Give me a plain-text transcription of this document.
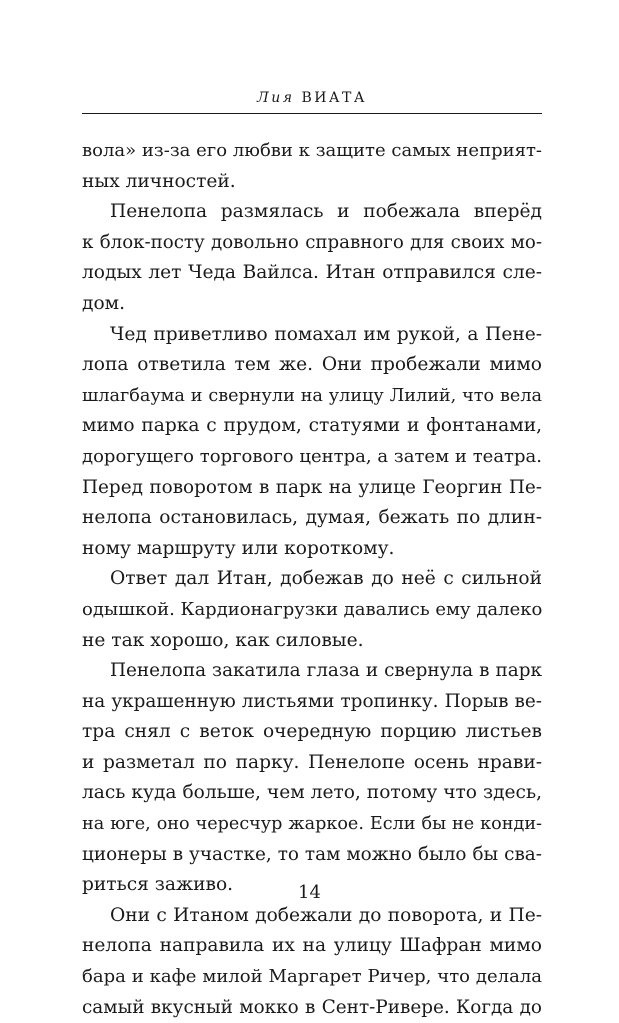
Лия ВИАТА
вола» из-за его любви к защите самых неприят-
ных личностей.
Пенелопа размялась и побежала вперёд
к блок-посту довольно справного для своих мо-
лодых лет Чеда Вайлса. Итан отправился сле-
дом.
Чед приветливо помахал им рукой, а Пене-
лопа ответила тем же. Они пробежали мимо
шлагбаума и свернули на улицу Лилий, что вела
мимо парка с прудом, статуями и фонтанами,
дорогущего торгового центра, а затем и театра.
Перед поворотом в парк на улице Георгин Пе-
нелопа остановилась, думая, бежать по длин-
ному маршруту или короткому.
Ответ дал Итан, добежав до неё с сильной
одышкой. Кардионагрузки давались ему далеко
не так хорошо, как силовые.
Пенелопа закатила глаза и свернула в парк
на украшенную листьями тропинку. Порыв ве-
тра снял с веток очередную порцию листьев
и разметал по парку. Пенелопе осень нрави-
лась куда больше, чем лето, потому что здесь,
на юге, оно чересчур жаркое. Если бы не конди-
ционеры в участке, то там можно было бы сва-
риться заживо.
Они с Итаном добежали до поворота, и Пе-
нелопа направила их на улицу Шафран мимо
бара и кафе милой Маргарет Ричер, что делала
самый вкусный мокко в Сент-Ривере. Когда до
14
